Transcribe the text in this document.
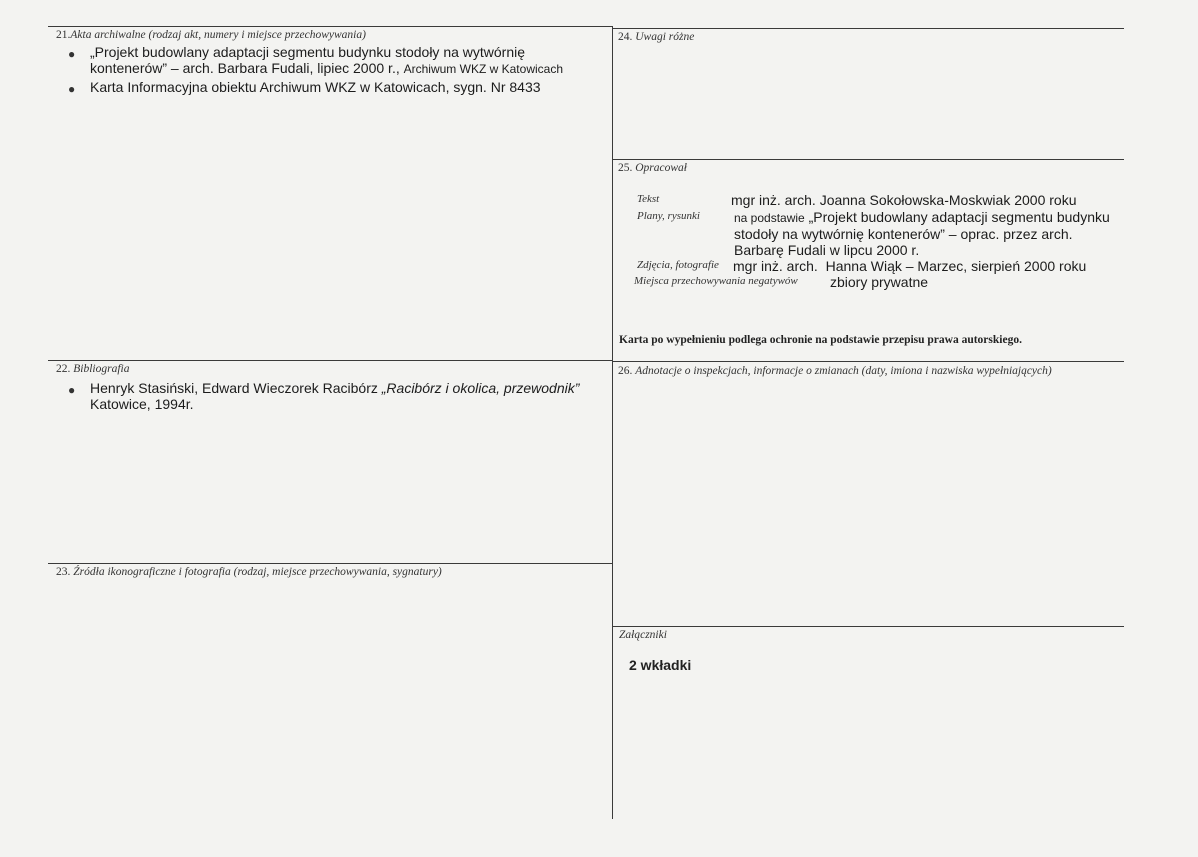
21.Akta archiwalne (rodzaj akt, numery i miejsce przechowywania)
● „Projekt budowlany adaptacji segmentu budynku stodoły na wytwórnię
kontenerów” – arch. Barbara Fudali, lipiec 2000 r., Archiwum WKZ w Katowicach
● Karta Informacyjna obiektu Archiwum WKZ w Katowicach, sygn. Nr 8433
22. Bibliografia
● Henryk Stasiński, Edward Wieczorek Racibórz „Racibórz i okolica, przewodnik”
Katowice, 1994r.
23. Źródła ikonograficzne i fotografia (rodzaj, miejsce przechowywania, sygnatury)
24. Uwagi różne
25. Opracował
Tekst	mgr inż. arch. Joanna Sokołowska-Moskwiak 2000 roku
Plany, rysunki	na podstawie „Projekt budowlany adaptacji segmentu budynku
stodoły na wytwórnię kontenerów” – oprac. przez arch.
Barbarę Fudali w lipcu 2000 r.
Zdjęcia, fotografie mgr inż. arch. Hanna Wiąk – Marzec, sierpień 2000 roku
Miejsca przechowywania negatywów zbiory prywatne
Karta po wypełnieniu podlega ochronie na podstawie przepisu prawa autorskiego.
26. Adnotacje o inspekcjach, informacje o zmianach (daty, imiona i nazwiska wypełniających)
Załączniki
2 wkładki
